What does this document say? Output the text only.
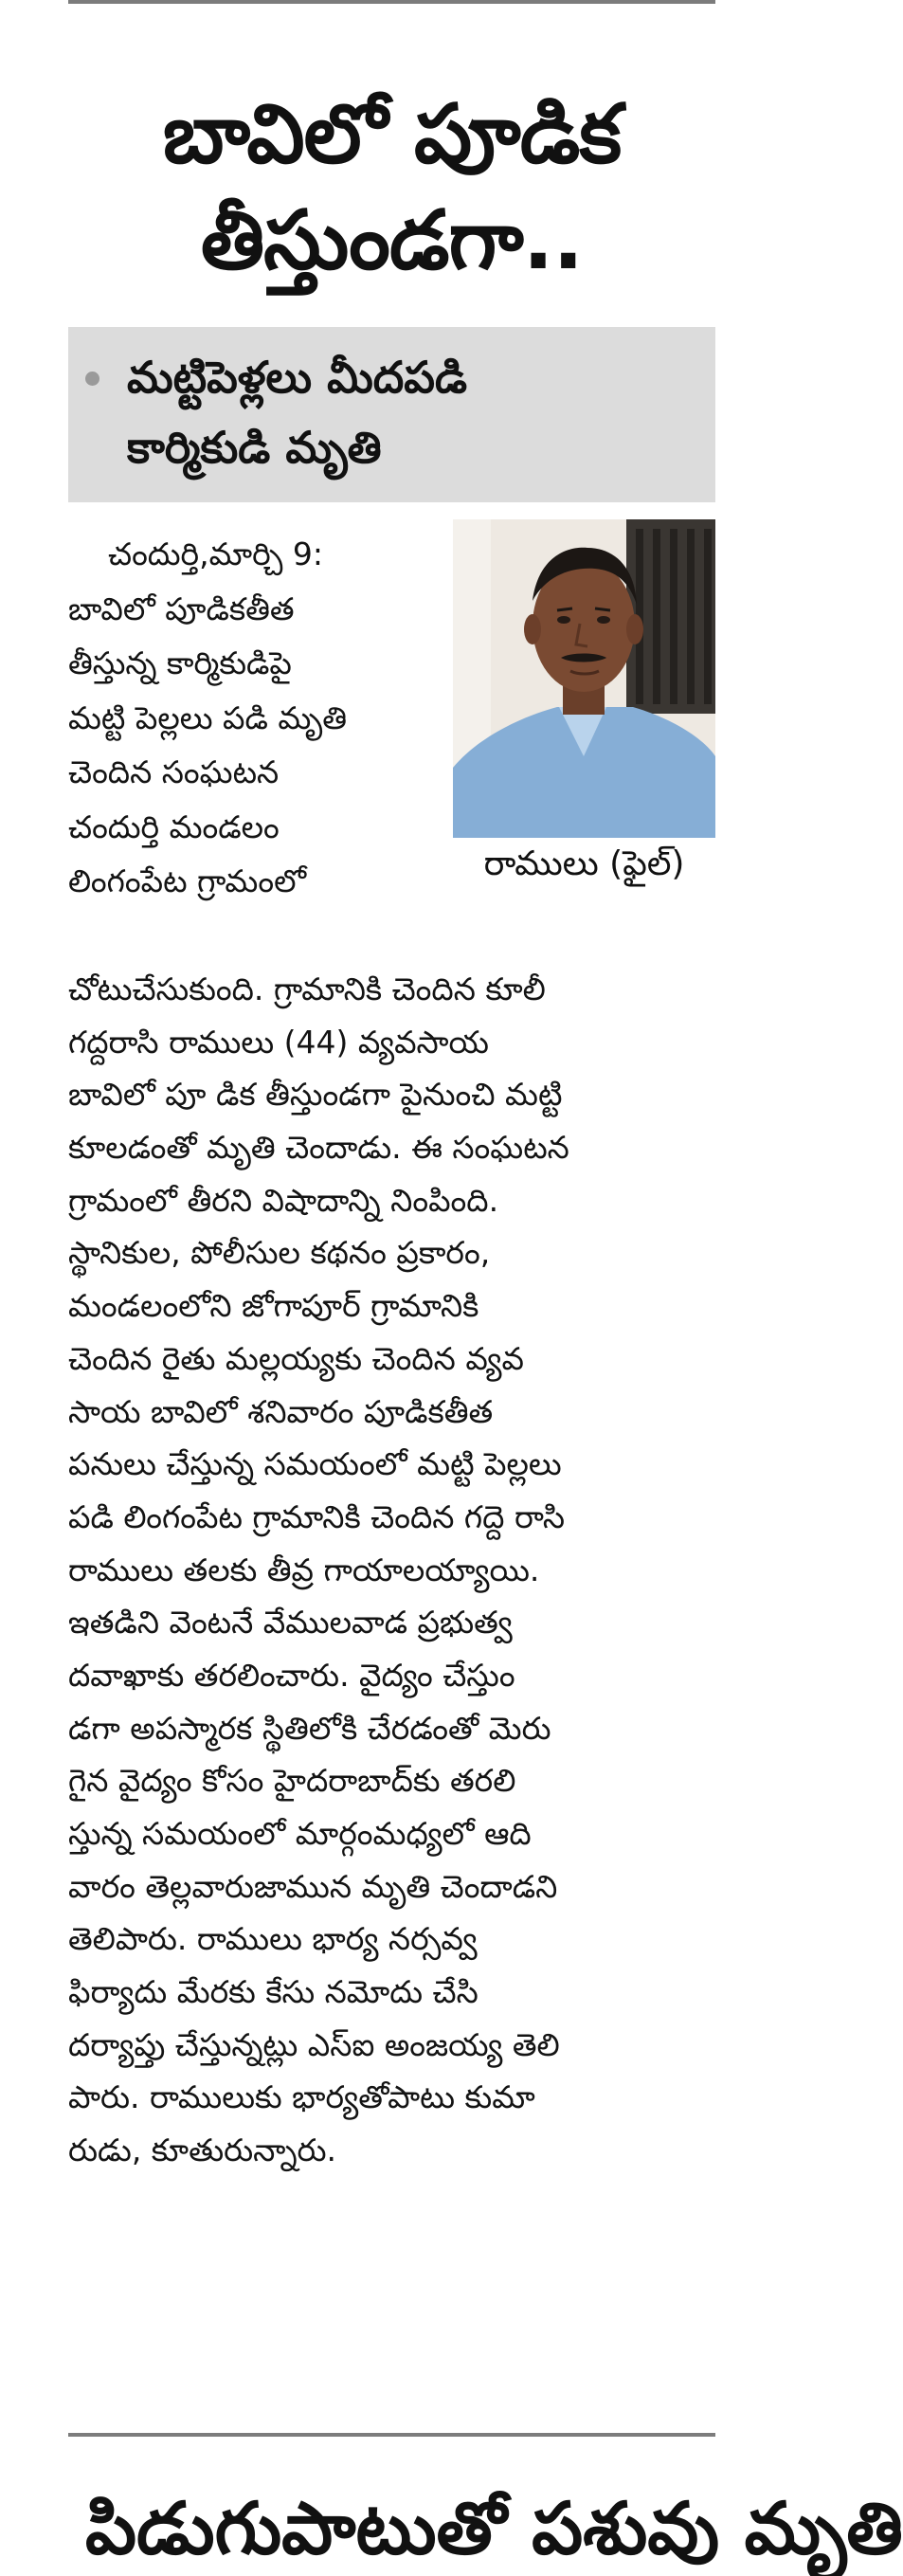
బావిలో పూడిక
తీస్తుండగా..
మట్టిపెళ్లలు మీదపడి
కార్మికుడి మృతి
చందుర్తి,మార్చి 9:
బావిలో పూడికతీత
తీస్తున్న కార్మికుడిపై
మట్టి పెల్లలు పడి మృతి
చెందిన సంఘటన
చందుర్తి మండలం
లింగంపేట గ్రామంలో	రాములు (ఫైల్)
చోటుచేసుకుంది. గ్రామానికి చెందిన కూలీ
గద్దరాసి రాములు (44) వ్యవసాయ
బావిలో పూ డిక తీస్తుండగా పైనుంచి మట్టి
కూలడంతో మృతి చెందాడు. ఈ సంఘటన
గ్రామంలో తీరని విషాదాన్ని నింపింది.
స్థానికుల, పోలీసుల కథనం ప్రకారం,
మండలంలోని జోగాపూర్ గ్రామానికి
చెందిన రైతు మల్లయ్యకు చెందిన వ్యవ
సాయ బావిలో శనివారం పూడికతీత
పనులు చేస్తున్న సమయంలో మట్టి పెల్లలు
పడి లింగంపేట గ్రామానికి చెందిన గద్దె రాసి
రాములు తలకు తీవ్ర గాయాలయ్యాయి.
ఇతడిని వెంటనే వేములవాడ ప్రభుత్వ
దవాఖాకు తరలించారు. వైద్యం చేస్తుం
డగా అపస్మారక స్థితిలోకి చేరడంతో మెరు
గైన వైద్యం కోసం హైదరాబాద్‌కు తరలి
స్తున్న సమయంలో మార్గంమధ్యలో ఆది
వారం తెల్లవారుజామున మృతి చెందాడని
తెలిపారు. రాములు భార్య నర్సవ్వ
ఫిర్యాదు మేరకు కేసు నమోదు చేసి
దర్యాప్తు చేస్తున్నట్లు ఎస్ఐ అంజయ్య తెలి
పారు. రాములుకు భార్యతోపాటు కుమా
రుడు, కూతురున్నారు.
పిడుగుపాటుతో పశువు మృతి
